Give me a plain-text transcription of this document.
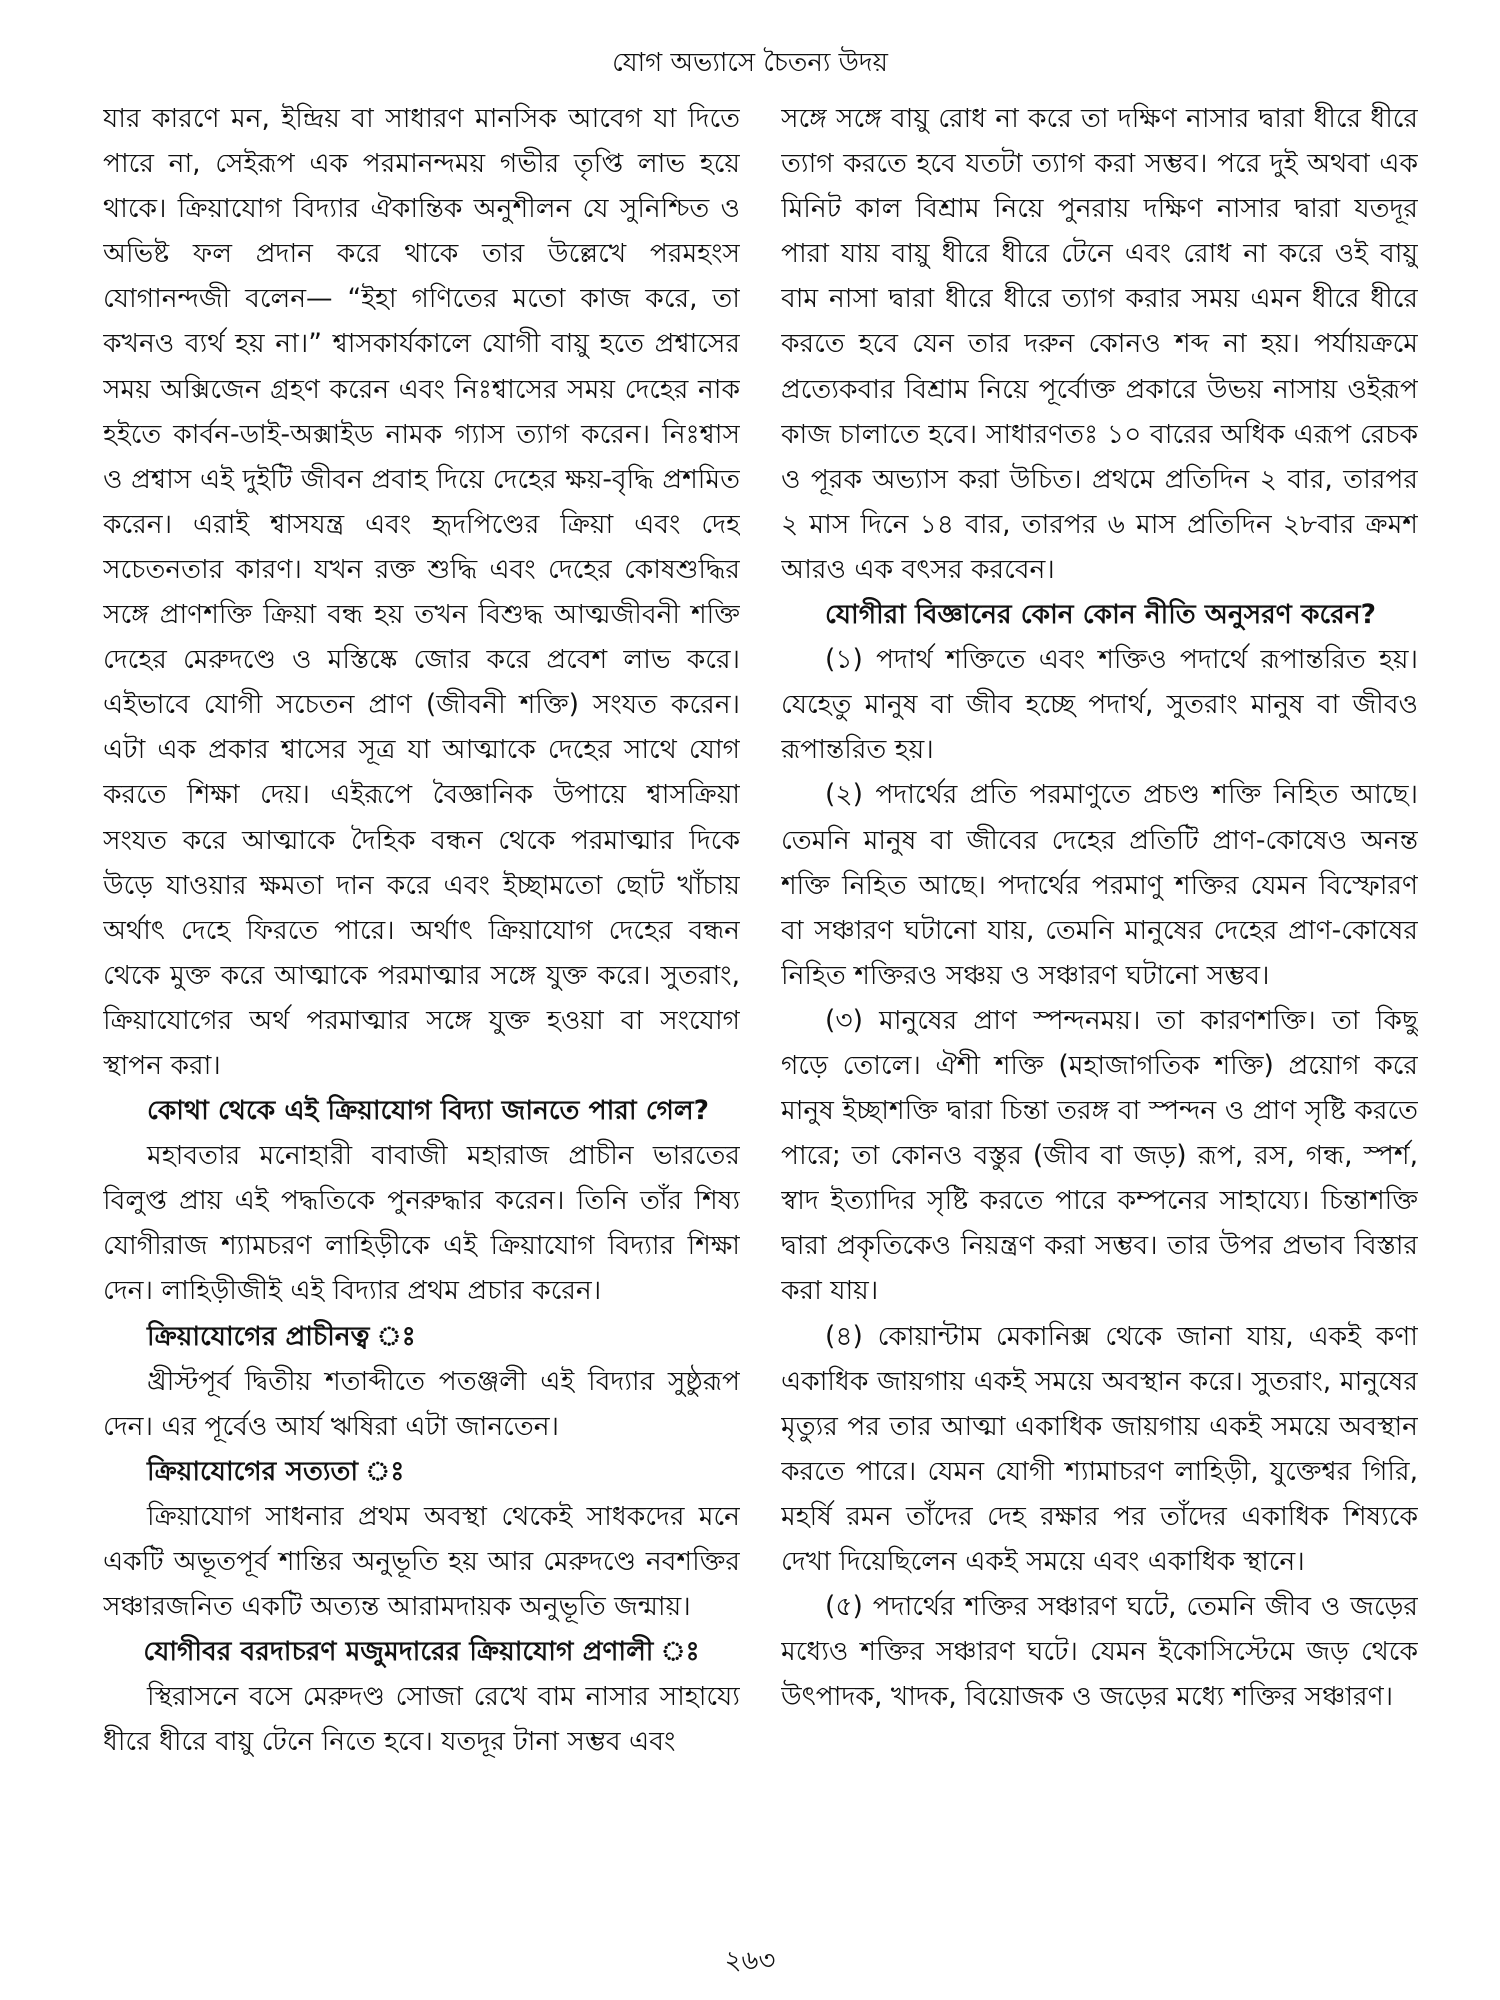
যোগ অভ্যাসে চৈতন্য উদয়

যার কারণে মন, ইন্দ্রিয় বা সাধারণ মানসিক আবেগ যা দিতে পারে না, সেইরূপ এক পরমানন্দময় গভীর তৃপ্তি লাভ হয়ে থাকে। ক্রিয়াযোগ বিদ্যার ঐকান্তিক অনুশীলন যে সুনিশ্চিত ও অভিষ্ট ফল প্রদান করে থাকে তার উল্লেখে পরমহংস যোগানন্দজী বলেন— “ইহা গণিতের মতো কাজ করে, তা কখনও ব্যর্থ হয় না।” শ্বাসকার্যকালে যোগী বায়ু হতে প্রশ্বাসের সময় অক্সিজেন গ্রহণ করেন এবং নিঃশ্বাসের সময় দেহের নাক হইতে কার্বন-ডাই-অক্সাইড নামক গ্যাস ত্যাগ করেন। নিঃশ্বাস ও প্রশ্বাস এই দুইটি জীবন প্রবাহ দিয়ে দেহের ক্ষয়-বৃদ্ধি প্রশমিত করেন। এরাই শ্বাসযন্ত্র এবং হৃদপিণ্ডের ক্রিয়া এবং দেহ সচেতনতার কারণ। যখন রক্ত শুদ্ধি এবং দেহের কোষশুদ্ধির সঙ্গে প্রাণশক্তি ক্রিয়া বন্ধ হয় তখন বিশুদ্ধ আত্মজীবনী শক্তি দেহের মেরুদণ্ডে ও মস্তিষ্কে জোর করে প্রবেশ লাভ করে। এইভাবে যোগী সচেতন প্রাণ (জীবনী শক্তি) সংযত করেন। এটা এক প্রকার শ্বাসের সূত্র যা আত্মাকে দেহের সাথে যোগ করতে শিক্ষা দেয়। এইরূপে বৈজ্ঞানিক উপায়ে শ্বাসক্রিয়া সংযত করে আত্মাকে দৈহিক বন্ধন থেকে পরমাত্মার দিকে উড়ে যাওয়ার ক্ষমতা দান করে এবং ইচ্ছামতো ছোট খাঁচায় অর্থাৎ দেহে ফিরতে পারে। অর্থাৎ ক্রিয়াযোগ দেহের বন্ধন থেকে মুক্ত করে আত্মাকে পরমাত্মার সঙ্গে যুক্ত করে। সুতরাং, ক্রিয়াযোগের অর্থ পরমাত্মার সঙ্গে যুক্ত হওয়া বা সংযোগ স্থাপন করা।

কোথা থেকে এই ক্রিয়াযোগ বিদ্যা জানতে পারা গেল?

মহাবতার মনোহারী বাবাজী মহারাজ প্রাচীন ভারতের বিলুপ্ত প্রায় এই পদ্ধতিকে পুনরুদ্ধার করেন। তিনি তাঁর শিষ্য যোগীরাজ শ্যামচরণ লাহিড়ীকে এই ক্রিয়াযোগ বিদ্যার শিক্ষা দেন। লাহিড়ীজীই এই বিদ্যার প্রথম প্রচার করেন।

ক্রিয়াযোগের প্রাচীনত্ব ঃ

খ্রীস্টপূর্ব দ্বিতীয় শতাব্দীতে পতঞ্জলী এই বিদ্যার সুষ্ঠুরূপ দেন। এর পূর্বেও আর্য ঋষিরা এটা জানতেন।

ক্রিয়াযোগের সত্যতা ঃ

ক্রিয়াযোগ সাধনার প্রথম অবস্থা থেকেই সাধকদের মনে একটি অভূতপূর্ব শান্তির অনুভূতি হয় আর মেরুদণ্ডে নবশক্তির সঞ্চারজনিত একটি অত্যন্ত আরামদায়ক অনুভূতি জন্মায়।

যোগীবর বরদাচরণ মজুমদারের ক্রিয়াযোগ প্রণালী ঃ

স্থিরাসনে বসে মেরুদণ্ড সোজা রেখে বাম নাসার সাহায্যে ধীরে ধীরে বায়ু টেনে নিতে হবে। যতদূর টানা সম্ভব এবং

সঙ্গে সঙ্গে বায়ু রোধ না করে তা দক্ষিণ নাসার দ্বারা ধীরে ধীরে ত্যাগ করতে হবে যতটা ত্যাগ করা সম্ভব। পরে দুই অথবা এক মিনিট কাল বিশ্রাম নিয়ে পুনরায় দক্ষিণ নাসার দ্বারা যতদূর পারা যায় বায়ু ধীরে ধীরে টেনে এবং রোধ না করে ওই বায়ু বাম নাসা দ্বারা ধীরে ধীরে ত্যাগ করার সময় এমন ধীরে ধীরে করতে হবে যেন তার দরুন কোনও শব্দ না হয়। পর্যায়ক্রমে প্রত্যেকবার বিশ্রাম নিয়ে পূর্বোক্ত প্রকারে উভয় নাসায় ওইরূপ কাজ চালাতে হবে। সাধারণতঃ ১০ বারের অধিক এরূপ রেচক ও পূরক অভ্যাস করা উচিত। প্রথমে প্রতিদিন ২ বার, তারপর ২ মাস দিনে ১৪ বার, তারপর ৬ মাস প্রতিদিন ২৮বার ক্রমশ আরও এক বৎসর করবেন।

যোগীরা বিজ্ঞানের কোন কোন নীতি অনুসরণ করেন?

(১) পদার্থ শক্তিতে এবং শক্তিও পদার্থে রূপান্তরিত হয়। যেহেতু মানুষ বা জীব হচ্ছে পদার্থ, সুতরাং মানুষ বা জীবও রূপান্তরিত হয়।

(২) পদার্থের প্রতি পরমাণুতে প্রচণ্ড শক্তি নিহিত আছে। তেমনি মানুষ বা জীবের দেহের প্রতিটি প্রাণ-কোষেও অনন্ত শক্তি নিহিত আছে। পদার্থের পরমাণু শক্তির যেমন বিস্ফোরণ বা সঞ্চারণ ঘটানো যায়, তেমনি মানুষের দেহের প্রাণ-কোষের নিহিত শক্তিরও সঞ্চয় ও সঞ্চারণ ঘটানো সম্ভব।

(৩) মানুষের প্রাণ স্পন্দনময়। তা কারণশক্তি। তা কিছু গড়ে তোলে। ঐশী শক্তি (মহাজাগতিক শক্তি) প্রয়োগ করে মানুষ ইচ্ছাশক্তি দ্বারা চিন্তা তরঙ্গ বা স্পন্দন ও প্রাণ সৃষ্টি করতে পারে; তা কোনও বস্তুর (জীব বা জড়) রূপ, রস, গন্ধ, স্পর্শ, স্বাদ ইত্যাদির সৃষ্টি করতে পারে কম্পনের সাহায্যে। চিন্তাশক্তি দ্বারা প্রকৃতিকেও নিয়ন্ত্রণ করা সম্ভব। তার উপর প্রভাব বিস্তার করা যায়।

(৪) কোয়ান্টাম মেকানিক্স থেকে জানা যায়, একই কণা একাধিক জায়গায় একই সময়ে অবস্থান করে। সুতরাং, মানুষের মৃত্যুর পর তার আত্মা একাধিক জায়গায় একই সময়ে অবস্থান করতে পারে। যেমন যোগী শ্যামাচরণ লাহিড়ী, যুক্তেশ্বর গিরি, মহর্ষি রমন তাঁদের দেহ রক্ষার পর তাঁদের একাধিক শিষ্যকে দেখা দিয়েছিলেন একই সময়ে এবং একাধিক স্থানে।

(৫) পদার্থের শক্তির সঞ্চারণ ঘটে, তেমনি জীব ও জড়ের মধ্যেও শক্তির সঞ্চারণ ঘটে। যেমন ইকোসিস্টেমে জড় থেকে উৎপাদক, খাদক, বিয়োজক ও জড়ের মধ্যে শক্তির সঞ্চারণ।

২৬৩
